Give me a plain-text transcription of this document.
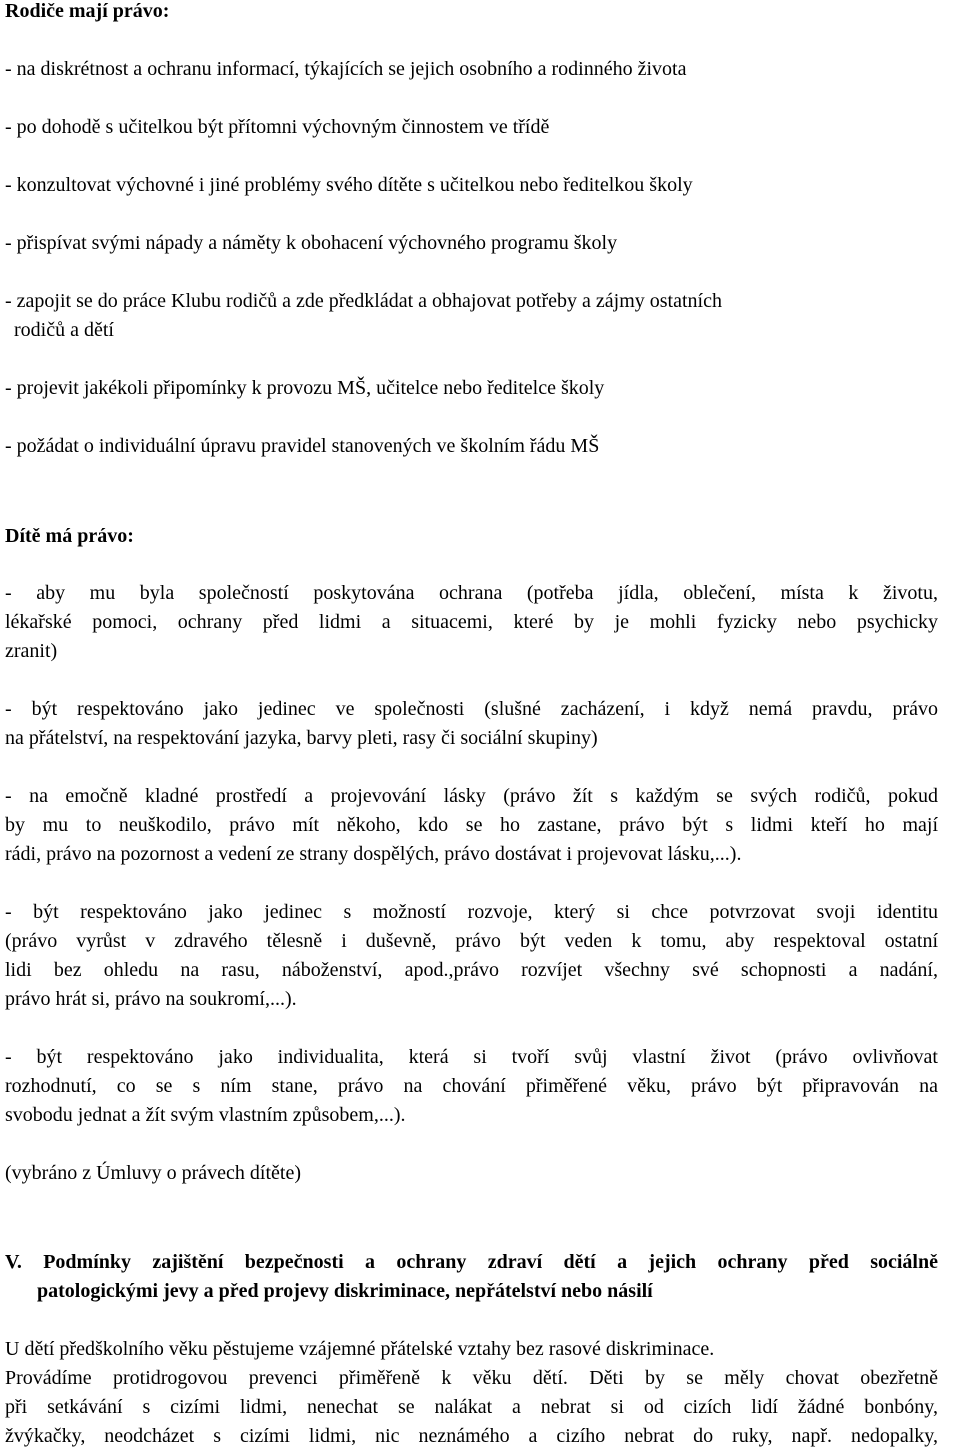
Rodiče mají právo:
- na diskrétnost a ochranu informací, týkajících se jejich osobního a rodinného života
- po dohodě s učitelkou být přítomni výchovným činnostem ve třídě
- konzultovat výchovné i jiné problémy svého dítěte s učitelkou nebo ředitelkou školy
- přispívat svými nápady a náměty k obohacení výchovného programu školy
- zapojit se do práce Klubu rodičů a zde předkládat a obhajovat potřeby a zájmy ostatních
rodičů a dětí
- projevit jakékoli připomínky k provozu MŠ, učitelce nebo ředitelce školy
- požádat o individuální úpravu pravidel stanovených ve školním řádu MŠ
Dítě má právo:
- aby mu byla společností poskytována ochrana (potřeba jídla, oblečení, místa k životu,
lékařské pomoci, ochrany před lidmi a situacemi, které by je mohli fyzicky nebo psychicky
zranit)
- být respektováno jako jedinec ve společnosti (slušné zacházení, i když nemá pravdu, právo
na přátelství, na respektování jazyka, barvy pleti, rasy či sociální skupiny)
- na emočně kladné prostředí a projevování lásky (právo žít s každým se svých rodičů, pokud
by mu to neuškodilo, právo mít někoho, kdo se ho zastane, právo být s lidmi kteří ho mají
rádi, právo na pozornost a vedení ze strany dospělých, právo dostávat i projevovat lásku,...).
- být respektováno jako jedinec s možností rozvoje, který si chce potvrzovat svoji identitu
(právo vyrůst v zdravého tělesně i duševně, právo být veden k tomu, aby respektoval ostatní
lidi bez ohledu na rasu, náboženství, apod.,právo rozvíjet všechny své schopnosti a nadání,
právo hrát si, právo na soukromí,...).
- být respektováno jako individualita, která si tvoří svůj vlastní život (právo ovlivňovat
rozhodnutí, co se s ním stane, právo na chování přiměřené věku, právo být připravován na
svobodu jednat a žít svým vlastním způsobem,...).
(vybráno z Úmluvy o právech dítěte)
V. Podmínky zajištění bezpečnosti a ochrany zdraví dětí a jejich ochrany před sociálně
patologickými jevy a před projevy diskriminace, nepřátelství nebo násilí
U dětí předškolního věku pěstujeme vzájemné přátelské vztahy bez rasové diskriminace.
Provádíme protidrogovou prevenci přiměřeně k věku dětí. Děti by se měly chovat obezřetně
při setkávání s cizími lidmi, nenechat se nalákat a nebrat si od cizích lidí žádné bonbóny,
žvýkačky, neodcházet s cizími lidmi, nic neznámého a cizího nebrat do ruky, např. nedopalky,
